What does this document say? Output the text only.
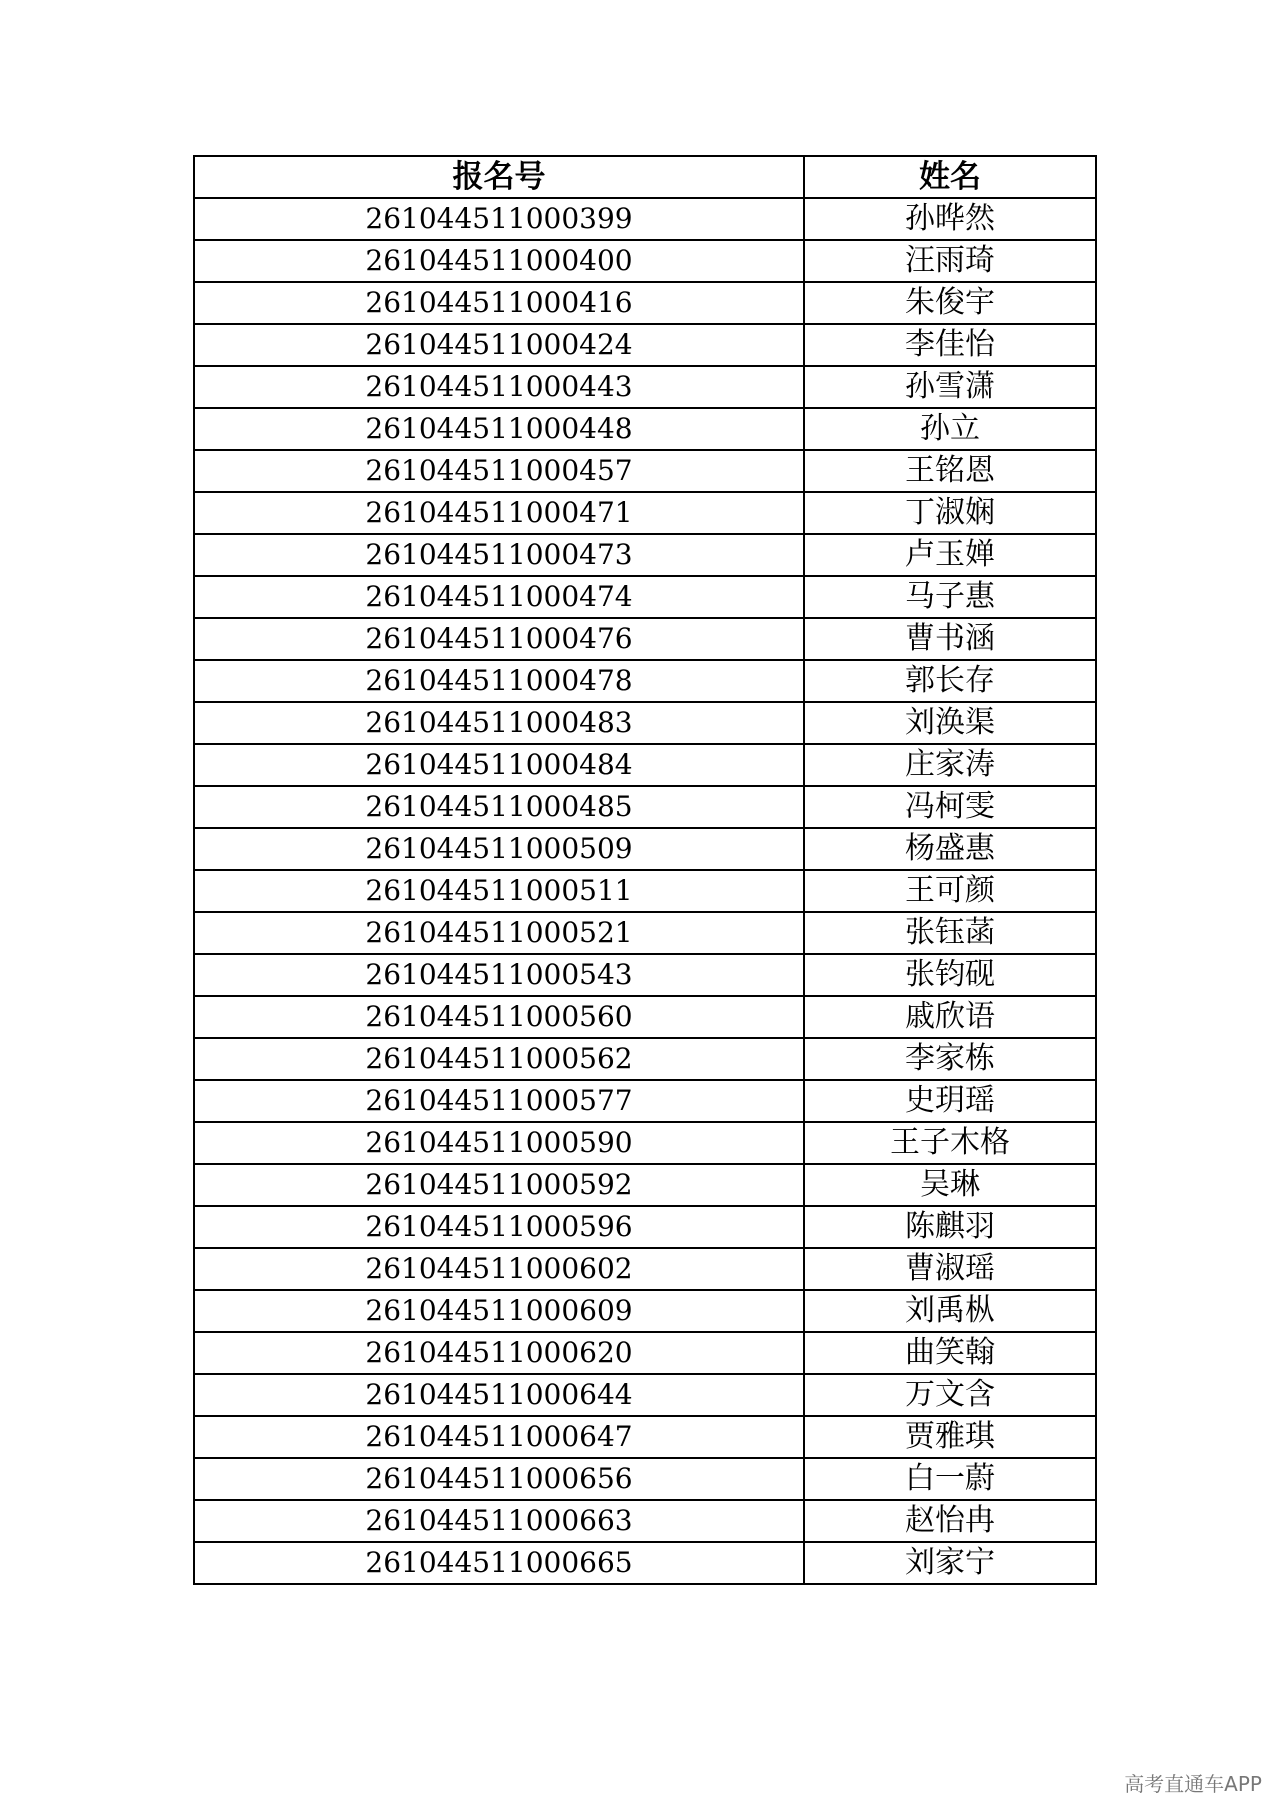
报名号	姓名
261044511000399	孙晔然
261044511000400	汪雨琦
261044511000416	朱俊宇
261044511000424	李佳怡
261044511000443	孙雪潇
261044511000448	孙立
261044511000457	王铭恩
261044511000471	丁淑娴
261044511000473	卢玉婵
261044511000474	马子惠
261044511000476	曹书涵
261044511000478	郭长存
261044511000483	刘涣渠
261044511000484	庄家涛
261044511000485	冯柯雯
261044511000509	杨盛惠
261044511000511	王可颜
261044511000521	张钰菡
261044511000543	张钧砚
261044511000560	戚欣语
261044511000562	李家栋
261044511000577	史玥瑶
261044511000590	王子木格
261044511000592	吴琳
261044511000596	陈麒羽
261044511000602	曹淑瑶
261044511000609	刘禹枞
261044511000620	曲笑翰
261044511000644	万文含
261044511000647	贾雅琪
261044511000656	白一蔚
261044511000663	赵怡冉
261044511000665	刘家宁
高考直通车APP
